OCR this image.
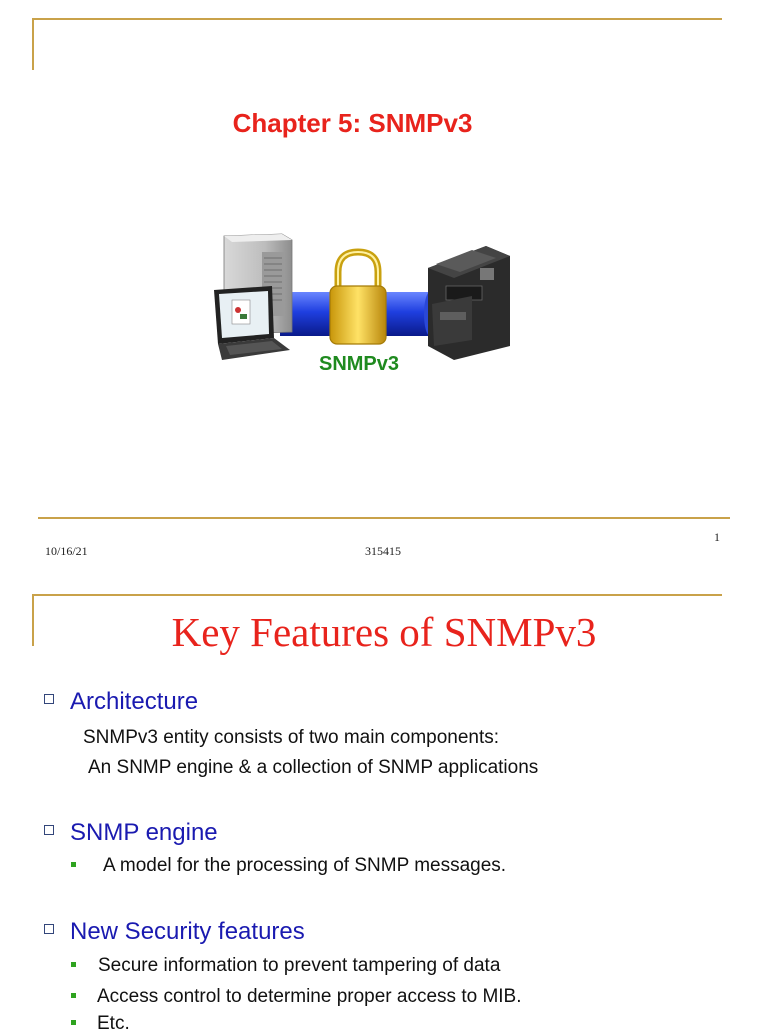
Chapter 5: SNMPv3
SNMPv3
10/16/21	315415
1
Key Features of SNMPv3
Architecture
SNMPv3 entity consists of two main components:
An SNMP engine & a collection of SNMP applications
SNMP engine
A model for the processing of SNMP messages.
New Security features
Secure information to prevent tampering of data
Access control to determine proper access to MIB.
Etc.
